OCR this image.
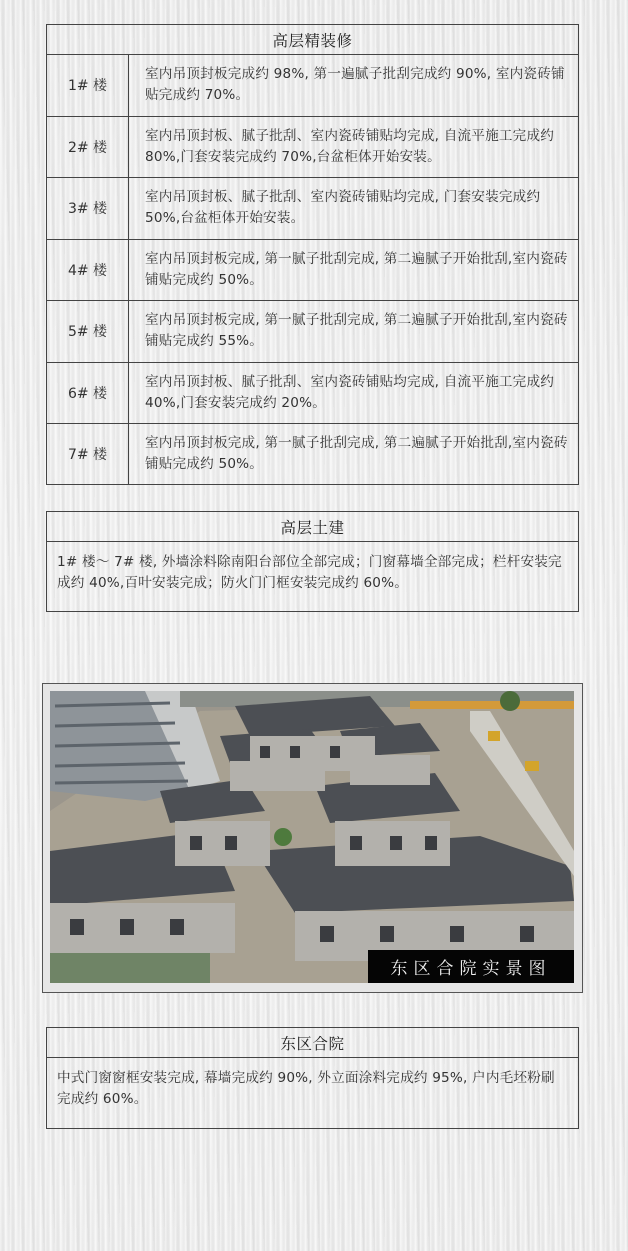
高层精装修
1# 楼
室内吊顶封板完成约 98%, 第一遍腻子批刮完成约 90%, 室内瓷砖铺贴完成约 70%。
2# 楼
室内吊顶封板、腻子批刮、室内瓷砖铺贴均完成, 自流平施工完成约 80%,门套安装完成约 70%,台盆柜体开始安装。
3# 楼
室内吊顶封板、腻子批刮、室内瓷砖铺贴均完成, 门套安装完成约 50%,台盆柜体开始安装。
4# 楼
室内吊顶封板完成, 第一腻子批刮完成, 第二遍腻子开始批刮,室内瓷砖铺贴完成约 50%。
5# 楼
室内吊顶封板完成, 第一腻子批刮完成, 第二遍腻子开始批刮,室内瓷砖铺贴完成约 55%。
6# 楼
室内吊顶封板、腻子批刮、室内瓷砖铺贴均完成, 自流平施工完成约 40%,门套安装完成约 20%。
7# 楼
室内吊顶封板完成, 第一腻子批刮完成, 第二遍腻子开始批刮,室内瓷砖铺贴完成约 50%。
高层土建
1# 楼～ 7# 楼, 外墙涂料除南阳台部位全部完成；门窗幕墙全部完成；栏杆安装完成约 40%,百叶安装完成；防火门门框安装完成约 60%。
东区合院实景图
东区合院
中式门窗窗框安装完成, 幕墙完成约 90%, 外立面涂料完成约 95%, 户内毛坯粉刷完成约 60%。
